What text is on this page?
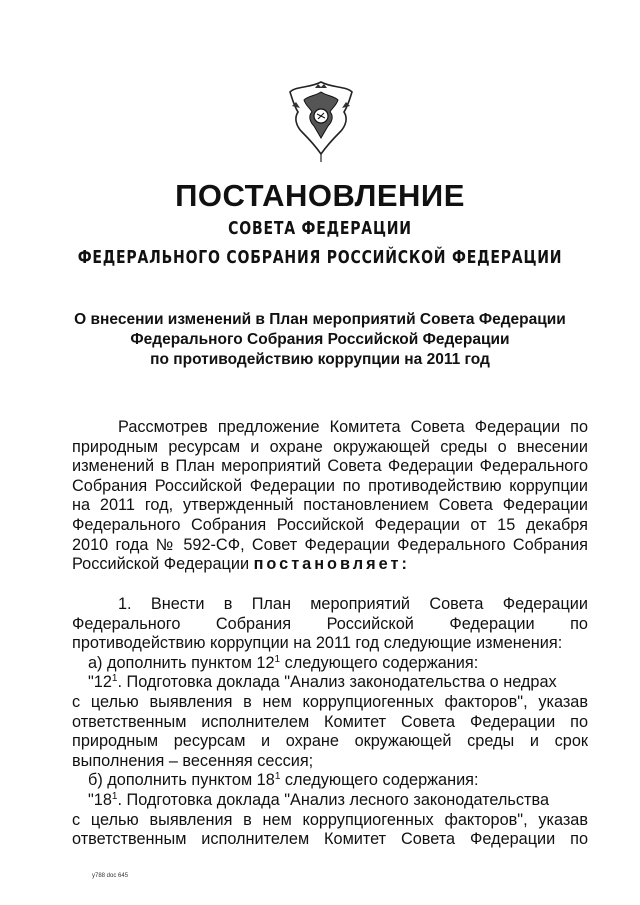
ПОСТАНОВЛЕНИЕ
СОВЕТА ФЕДЕРАЦИИ
ФЕДЕРАЛЬНОГО СОБРАНИЯ РОССИЙСКОЙ ФЕДЕРАЦИИ
О внесении изменений в План мероприятий Совета Федерации
Федерального Собрания Российской Федерации
по противодействию коррупции на 2011 год
Рассмотрев предложение Комитета Совета Федерации по
природным ресурсам и охране окружающей среды о внесении
изменений в План мероприятий Совета Федерации Федерального
Собрания Российской Федерации по противодействию коррупции
на 2011 год, утвержденный постановлением Совета Федерации
Федерального Собрания Российской Федерации от 15 декабря
2010 года № 592-СФ, Совет Федерации Федерального Собрания
Российской Федерации постановляет:
1. Внести в План мероприятий Совета Федерации
Федерального Собрания Российской Федерации по
противодействию коррупции на 2011 год следующие изменения:
а) дополнить пунктом $12^1$ следующего содержания:
"$12^1$. Подготовка доклада "Анализ законодательства о недрах
с целью выявления в нем коррупциогенных факторов", указав
ответственным исполнителем Комитет Совета Федерации по
природным ресурсам и охране окружающей среды и срок
выполнения – весенняя сессия;
б) дополнить пунктом $18^1$ следующего содержания:
"$18^1$. Подготовка доклада "Анализ лесного законодательства
с целью выявления в нем коррупциогенных факторов", указав
ответственным исполнителем Комитет Совета Федерации по
у788 doc 645
